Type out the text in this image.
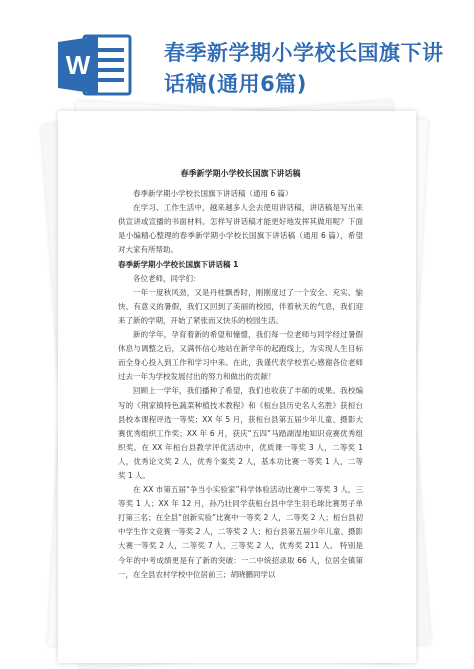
W	春季新学期小学校长国旗下讲话稿(通用6篇)
春季新学期小学校长国旗下讲话稿

春季新学期小学校长国旗下讲话稿（通用 6 篇）

在学习、工作生活中，越来越多人会去使用讲话稿，讲话稿是写出来供宣讲或宣播的书面材料。怎样写讲话稿才能更好地发挥其做用呢？下面是小编精心整理的春季新学期小学校长国旗下讲话稿（通用 6 篇），希望对大家有所帮助。

春季新学期小学校长国旗下讲话稿 1

各位老师，同学们：

一年一度秋风劲，又是丹桂飘香时，刚刚度过了一个安全、充实、愉快、有意义的暑假，我们又回到了美丽的校园，伴着秋天的气息，我们迎来了新的学期，开始了紧张而又快乐的校园生活。

新的学年，孕育着新的希望和憧憬，我们每一位老师与同学经过暑假休息与调整之后，又满怀信心地站在新学年的起跑线上，为实现人生目标而全身心投入到工作和学习中来。在此，我谨代表学校衷心感谢各位老师过去一年为学校发展付出的努力和做出的贡献！

回顾上一学年，我们播种了希望，我们也收获了丰硕的成果。我校编写的《荆家镇特色蔬菜种植技术教程》和《桓台县历史名人名胜》获桓台县校本课程评选一等奖；XX 年 5 月，获桓台县第五届少年儿童、摄影大赛优秀组织工作奖；XX 年 6 月，获庆“五四”马踏湖湿地知识竞赛优秀组织奖。在 XX 年桓台县教学评优活动中，优质课一等奖 3 人，二等奖 1 人，优秀论文奖 2 人，优秀个案奖 2 人，基本功比赛一等奖 1 人，二等奖 1 人。

在 XX 市第五届“争当小实验家”科学体验活动比赛中二等奖 3 人，三等奖 1 人；XX 年 12 月，孙乃壮同学获桓台县中学生羽毛球比赛男子单打第三名；在全县“创新实验”比赛中一等奖 2 人，二等奖 2 人；桓台县初中学生作文竞赛一等奖 2 人，二等奖 2 人；桓台县第五届少年儿童、摄影大赛一等奖 2 人，二等奖 7 人，三等奖 2 人，优秀奖 211 人。 特别是今年的中考成绩更是有了新的突破：一二中统招录取 66 人，位居全镇第一，在全县农村学校中位居前三；胡晓鹏同学以
